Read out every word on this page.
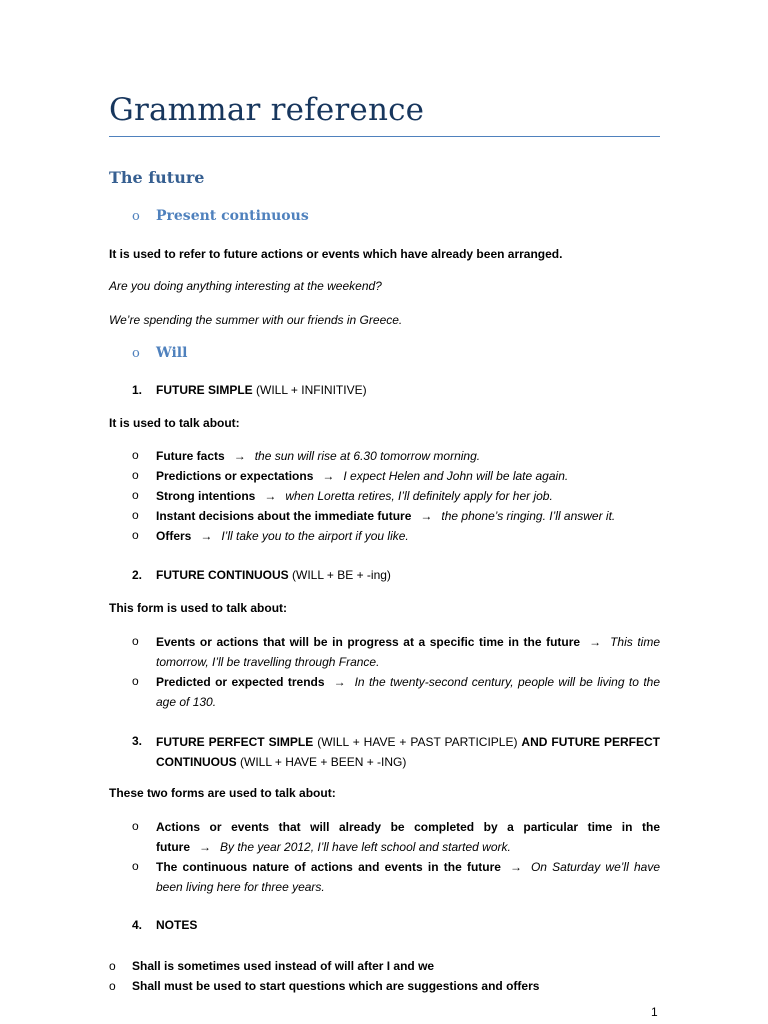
Grammar reference
The future
o Present continuous
It is used to refer to future actions or events which have already been arranged.
Are you doing anything interesting at the weekend?
We’re spending the summer with our friends in Greece.
o Will
1. FUTURE SIMPLE (WILL + INFINITIVE)
It is used to talk about:
o Future facts → the sun will rise at 6.30 tomorrow morning.
o Predictions or expectations → I expect Helen and John will be late again.
o Strong intentions → when Loretta retires, I’ll definitely apply for her job.
o Instant decisions about the immediate future → the phone’s ringing. I’ll answer it.
o Offers → I’ll take you to the airport if you like.
2. FUTURE CONTINUOUS (WILL + BE + -ing)
This form is used to talk about:
o Events or actions that will be in progress at a specific time in the future → This time tomorrow, I’ll be travelling through France.
o Predicted or expected trends → In the twenty-second century, people will be living to the age of 130.
3. FUTURE PERFECT SIMPLE (WILL + HAVE + PAST PARTICIPLE) AND FUTURE PERFECT CONTINUOUS (WILL + HAVE + BEEN + -ING)
These two forms are used to talk about:
o Actions or events that will already be completed by a particular time in the future → By the year 2012, I’ll have left school and started work.
o The continuous nature of actions and events in the future → On Saturday we’ll have been living here for three years.
4. NOTES
o Shall is sometimes used instead of will after I and we
o Shall must be used to start questions which are suggestions and offers
1
